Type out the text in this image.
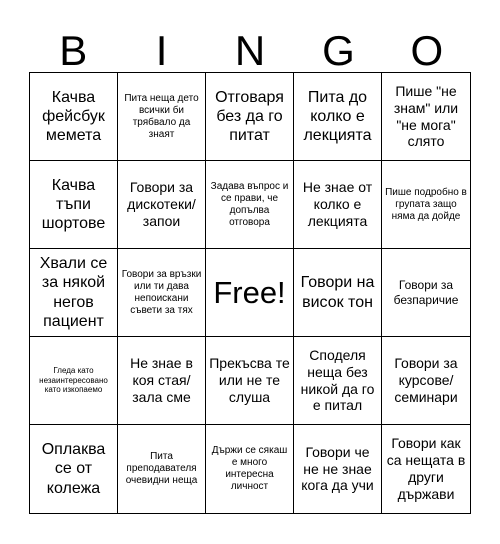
B	I	N	G	O
Качва фейсбук мемета
Пита неща дето всички би трябвало да знаят
Отговаря без да го питат
Пита до колко е лекцията
Пише "не знам" или "не мога" слято
Качва тъпи шортове
Говори за дискотеки/ запои
Задава въпрос и се прави, че допълва отговора
Не знае от колко е лекцията
Пише подробно в групата защо няма да дойде
Хвали се за някой негов пациент
Говори за връзки или ти дава непоискани съвети за тях
Free! Говори на висок тон
Говори за безпаричие
Гледа като незаинтересовано като изкопаемо
Не знае в коя стая/ зала сме
Прекъсва те или не те слуша
Споделя неща без никой да го е питал
Говори за курсове/ семинари
Оплаква се от колежа
Пита преподавателя очевидни неща
Държи се сякаш е много интересна личност
Говори че не не знае кога да учи
Говори как са нещата в други държави
